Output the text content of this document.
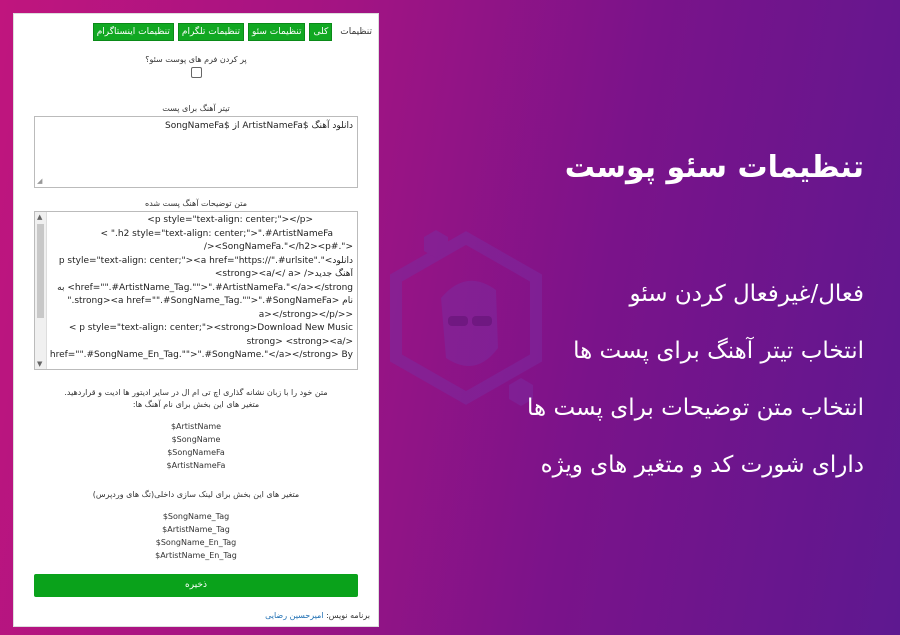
تنظیمات
کلی
تنظیمات سئو
تنظیمات تلگرام
تنظیمات اینستاگرام
پر کردن فرم های پوست سئو؟
تیتر آهنگ برای پست
دانلود آهنگ $ArtistNameFa از $SongNameFa
◢
متن توضیحات آهنگ پست شده
▲
▼
<p style="text-align: center;"></p>
h2 style="text-align: center;">".#ArtistNameFa." >
<".#SongNameFa."</h2><p></
دانلود>"."p style="text-align: center;"><a href="https://".#urlsite
آهنگ جدید</ <strong><a/</ a>
href="".#ArtistName_Tag."">".#ArtistNameFa."</a></strong> به
نام <strong><a href="".#SongName_Tag."">".#SongNameFa."
<</a></strong></p
p style="text-align: center;"><strong>Download New Music >
</strong> <strong><a
href="".#SongName_En_Tag."">".#SongName."</a></strong> By
متن خود را با زبان نشانه گذاری اچ تی ام ال در سایر ادیتور ها ادیت و قراردهید.
متغیر های این بخش برای نام آهنگ ها:
ArtistName$
SongName$
SongNameFa$
ArtistNameFa$
متغیر های این بخش برای لینک سازی داخلی(تگ های وردپرس)
SongName_Tag$
ArtistName_Tag$
SongName_En_Tag$
ArtistName_En_Tag$
ذخیره
برنامه نویس: امیرحسین رضایی
تنظیمات سئو پوست
فعال/غیرفعال کردن سئو
انتخاب تیتر آهنگ برای پست ها
انتخاب متن توضیحات برای پست ها
دارای شورت کد و متغیر های ویژه
